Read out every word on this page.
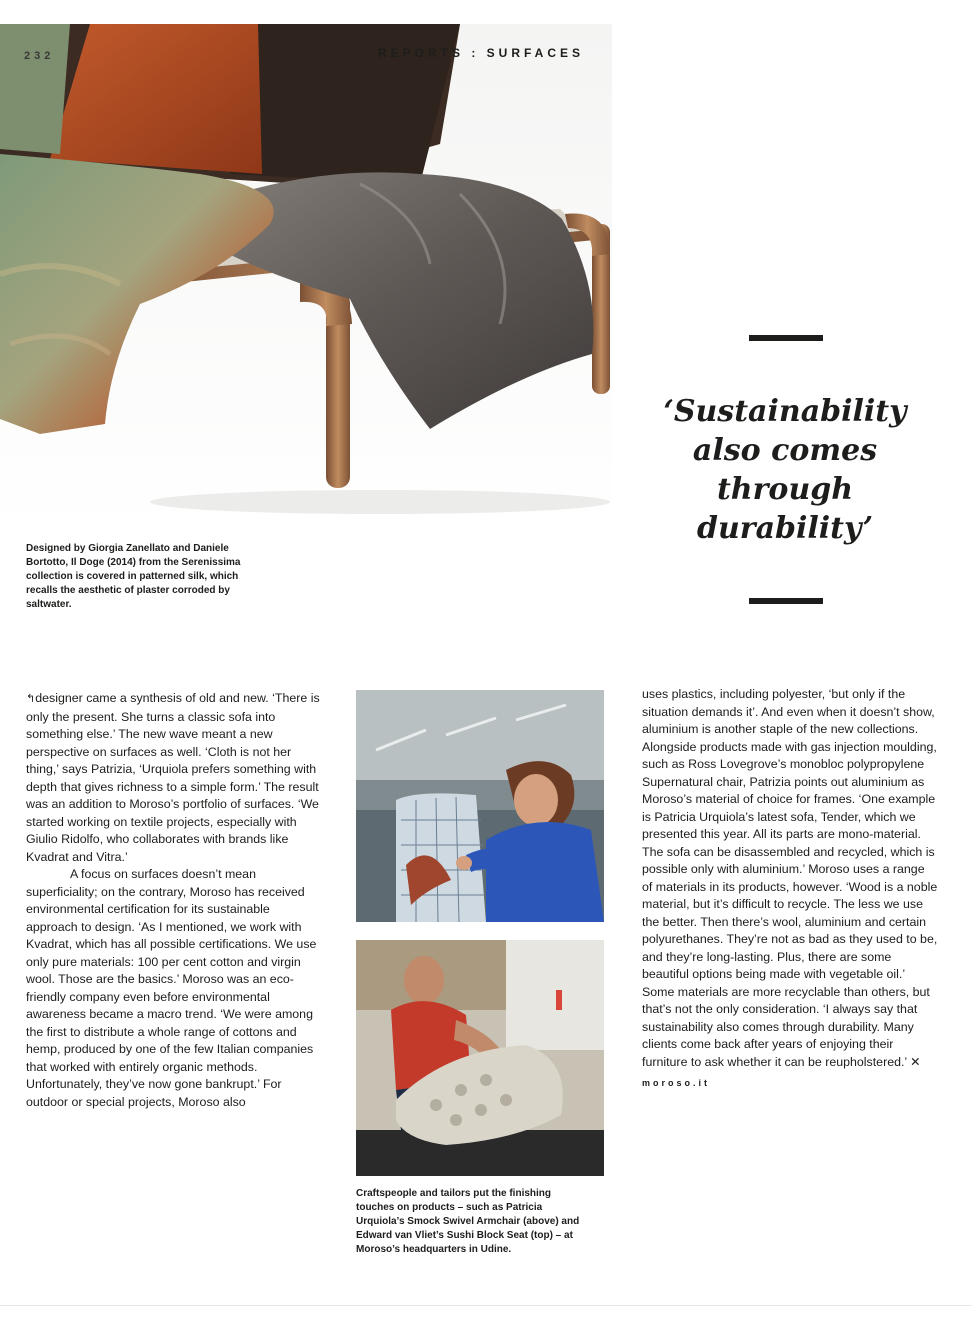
232	REPORTS : SURFACES
Designed by Giorgia Zanellato and Daniele Bortotto, Il Doge (2014) from the Serenissima collection is covered in patterned silk, which recalls the aesthetic of plaster corroded by saltwater.
‘Sustainability also comes through durability’

↰designer came a synthesis of old and new. ‘There is only the present. She turns a classic sofa into something else.’ The new wave meant a new perspective on surfaces as well. ‘Cloth is not her thing,’ says Patrizia, ‘Urquiola prefers something with depth that gives richness to a simple form.’ The result was an addition to Moroso’s portfolio of surfaces. ‘We started working on textile projects, especially with Giulio Ridolfo, who collaborates with brands like Kvadrat and Vitra.’

A focus on surfaces doesn’t mean superficiality; on the contrary, Moroso has received environmental certification for its sustainable approach to design. ‘As I mentioned, we work with Kvadrat, which has all possible certifications. We use only pure materials: 100 per cent cotton and virgin wool. Those are the basics.’ Moroso was an eco-friendly company even before environmental awareness became a macro trend. ‘We were among the first to distribute a whole range of cottons and hemp, produced by one of the few Italian companies that worked with entirely organic methods. Unfortunately, they’ve now gone bankrupt.’ For outdoor or special projects, Moroso also

Craftspeople and tailors put the finishing touches on products – such as Patricia Urquiola’s Smock Swivel Armchair (above) and Edward van Vliet’s Sushi Block Seat (top) – at Moroso’s headquarters in Udine.

uses plastics, including polyester, ‘but only if the situation demands it’. And even when it doesn’t show, aluminium is another staple of the new collections. Alongside products made with gas injection moulding, such as Ross Lovegrove’s monobloc polypropylene Supernatural chair, Patrizia points out aluminium as Moroso’s material of choice for frames. ‘One example is Patricia Urquiola’s latest sofa, Tender, which we presented this year. All its parts are mono-material. The sofa can be disassembled and recycled, which is possible only with aluminium.’ Moroso uses a range of materials in its products, however. ‘Wood is a noble material, but it’s difficult to recycle. The less we use the better. Then there’s wool, aluminium and certain polyurethanes. They’re not as bad as they used to be, and they’re long-lasting. Plus, there are some beautiful options being made with vegetable oil.’ Some materials are more recyclable than others, but that’s not the only consideration. ‘I always say that sustainability also comes through durability. Many clients come back after years of enjoying their furniture to ask whether it can be reupholstered.’ ✕

moroso.it
